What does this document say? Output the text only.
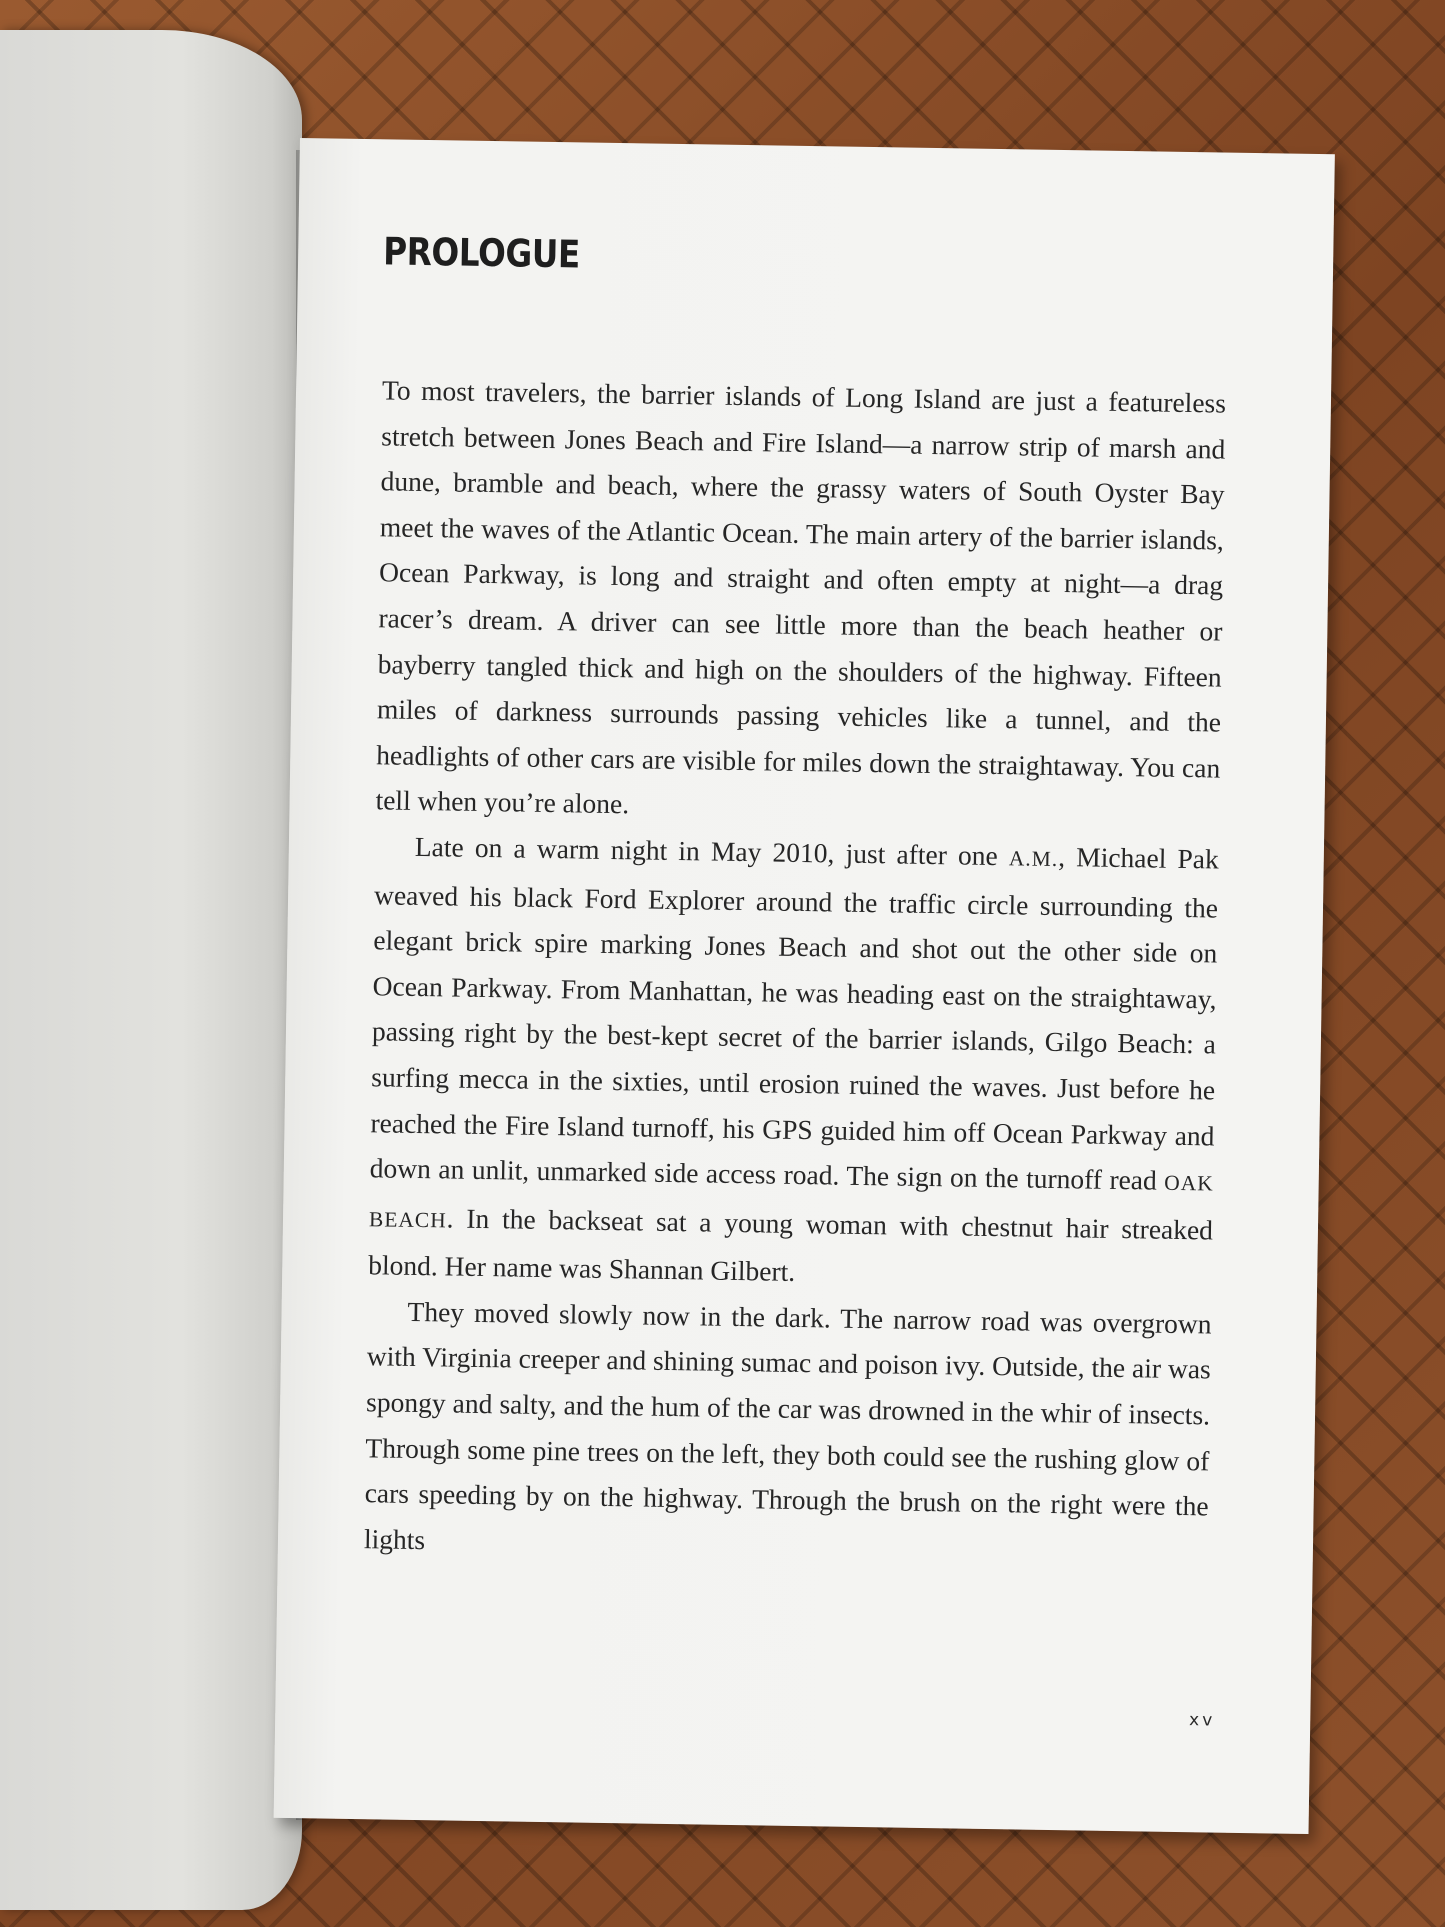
PROLOGUE

To most travelers, the barrier islands of Long Island are just a featureless stretch between Jones Beach and Fire Island—a narrow strip of marsh and dune, bramble and beach, where the grassy waters of South Oyster Bay meet the waves of the Atlantic Ocean. The main artery of the barrier islands, Ocean Parkway, is long and straight and often empty at night—a drag racer’s dream. A driver can see little more than the beach heather or bayberry tangled thick and high on the shoulders of the highway. Fifteen miles of darkness surrounds passing vehicles like a tunnel, and the headlights of other cars are visible for miles down the straightaway. You can tell when you’re alone.

Late on a warm night in May 2010, just after one A.M., Michael Pak weaved his black Ford Explorer around the traffic circle surrounding the elegant brick spire marking Jones Beach and shot out the other side on Ocean Parkway. From Manhattan, he was heading east on the straightaway, passing right by the best-kept secret of the barrier islands, Gilgo Beach: a surfing mecca in the sixties, until erosion ruined the waves. Just before he reached the Fire Island turnoff, his GPS guided him off Ocean Parkway and down an unlit, unmarked side access road. The sign on the turnoff read OAK BEACH. In the backseat sat a young woman with chestnut hair streaked blond. Her name was Shannan Gilbert.

They moved slowly now in the dark. The narrow road was overgrown with Virginia creeper and shining sumac and poison ivy. Outside, the air was spongy and salty, and the hum of the car was drowned in the whir of insects. Through some pine trees on the left, they both could see the rushing glow of cars speeding by on the highway. Through the brush on the right were the lights

xv
